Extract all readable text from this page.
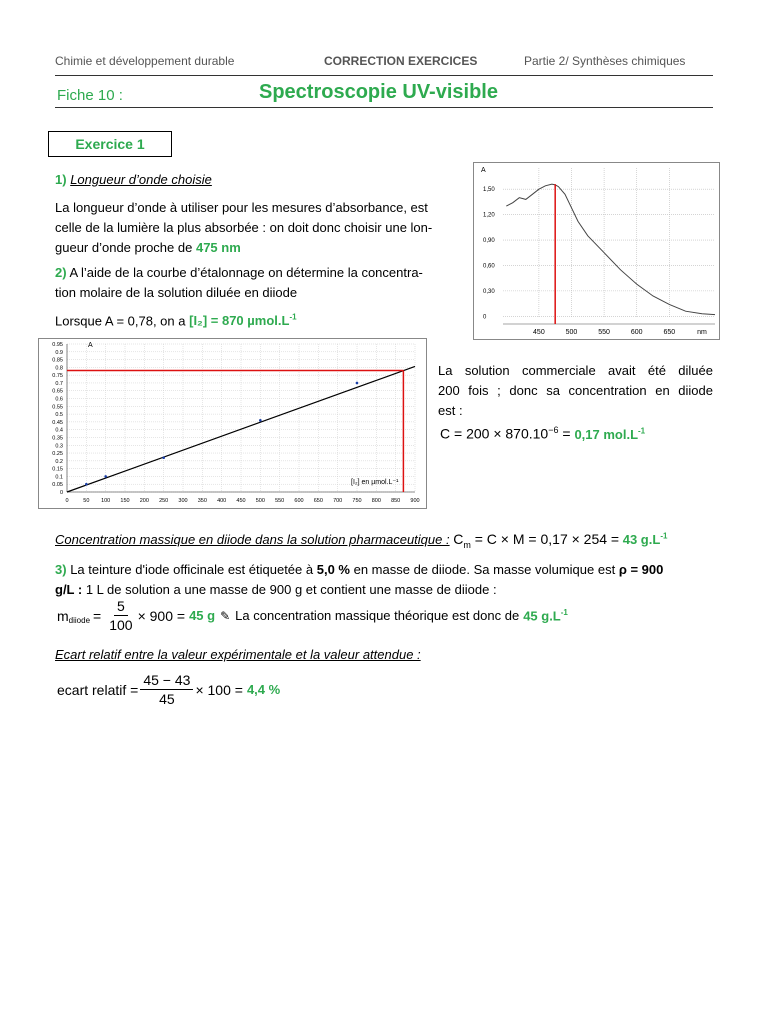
Chimie et développement durable	CORRECTION EXERCICES	Partie 2/ Synthèses chimiques
Fiche 10 :	Spectroscopie UV-visible
Exercice 1
1) Longueur d’onde choisie
La longueur d’onde à utiliser pour les mesures d’absorbance, est
celle de la lumière la plus absorbée : on doit donc choisir une lon-
gueur d’onde proche de 475 nm
2) A l’aide de la courbe d’étalonnage on détermine la concentra-
tion molaire de la solution diluée en diiode
Lorsque A = 0,78, on a [I₂] = 870 $\mu mol.L^{-1}$
1,50
1,20
0,90
0,60
0,30
0
450	500	550	600	650	nm
A
0
0.05
0.1
0.15
0.2
0.25
0.3
0.35
0.4
0.45
0.5
0.55
0.6
0.65
0.7
0.75
0.8
0.85
0.9
0.95
0	50 100 150 200 250 300 350 400 450 500 550 600 650 700 750 800 850 900
A
[I₂] en µmol.L⁻¹
La solution commerciale avait été diluée
200 fois ; donc sa concentration en diiode
est :
$C = 200 \times 870.10^{-6} = 0,17$ $mol.L^{-1}$
Concentration massique en diiode dans la solution pharmaceutique : $C_m = C \times M = 0,17 \times 254 = 43$ $g.L^{-1}$
3) La teinture d'iode officinale est étiquetée à 5,0 % en masse de diiode. Sa masse volumique est ρ = 900
g/L : 1 L de solution a une masse de 900 g et contient une masse de diiode :
$m_{diiode} = \frac{5}{100} \times 900 = 45$ g ✎ La concentration massique théorique est donc de 45 $g.L^{-1}$
Ecart relatif entre la valeur expérimentale et la valeur attendue :
ecart relatif = $\frac{45 - 43}{45} \times 100 = 4,4$ %
